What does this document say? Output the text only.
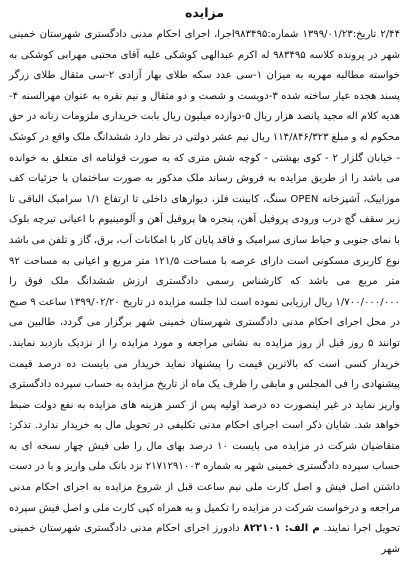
مزایده
۲/۴۴ تاریخ:۱۳۹۹/۰۱/۲۳ شماره:۹۸۳۴۹۵اجرا، اجرای احکام مدنی دادگستری شهرستان خمینی شهر در پرونده کلاسه ۹۸۳۴۹۵ له اکرم عبدالهی کوشکی علیه آقای مجتبی مهرابی کوشکی به خواسته مطالبه مهریه به میزان ۱-سی عدد سکه طلای بهار آزادی ۲-سی مثقال طلای زرگر پسند هجده عیار ساخته شده ۳-دویست و شصت و دو مثقال و نیم نقره به عنوان مهرالسنه ۴-هدیه کلام اله مجید پانصد هزار ریال ۵-دوازده میلیون ریال بابت خریداری ملزومات زنانه در حق محکوم له و مبلغ ۱۱۴/۸۴۶/۳۲۳ ریال نیم عشر دولتی در نظر دارد ششدانگ ملک واقع در کوشک - خیابان گلزار ۲ - کوی بهشتی - کوچه شش متری که به صورت قولنامه ای متعلق به خوانده می باشد را از طریق مزایده به فروش رساند ملک مذکور به صورت ساختمان با جزئیات کف موزاییک، آشپزخانه OPEN سنگ، کابینت فلز، دیوارهای داخلی تا ارتفاع ۱/۱ سرامیک الباقی تا زیر سقف گچ درب ورودی پروفیل آهن، پنجره ها پروفیل آهن و آلومینیوم با اعیانی تیرچه بلوک با نمای جنوبی و حیاط سازی سرامیک و فاقد پایان کار با امکانات آب، برق، گاز و تلفن می باشد نوع کاربری مسکونی است دارای عرصه با مساحت ۱۲۱/۵ متر مربع و اعیانی به مساحت ۹۲ متر مربع می باشد که کارشناس رسمی دادگستری ارزش ششدانگ ملک فوق را ۱/۷۰۰/۰۰۰/۰۰۰ ریال ارزیابی نموده است لذا جلسه مزایده در تاریخ ۱۳۹۹/۰۲/۲۰ ساعت ۹ صبح در محل اجرای احکام مدنی دادگستری شهرستان خمینی شهر برگزار می گردد، طالبین می توانند ۵ روز قبل از روز مزایده به نشانی مراجعه و مورد مزایده را از نزدیک بازدید نمایند. خریدار کسی است که بالاترین قیمت را پیشنهاد نماید خریدار می بایست ده درصد قیمت پیشنهادی را فی المجلس و مابقی را ظرف یک ماه از تاریخ مزایده به حساب سپرده دادگستری واریز نماید در غیر اینصورت ده درصد اولیه پس از کسر هزینه های مزایده به نفع دولت ضبط خواهد شد. شایان ذکر است اجرای احکام مدنی تکلیفی در تحویل مال به خریدار ندارد. تذکر: متقاضیان شرکت در مزایده می بایست ۱۰ درصد بهای مال را طی فیش چهار نسخه ای به حساب سپرده دادگستری خمینی شهر به شماره ۲۱۷۱۲۹۱۰۰۳ نزد بانک ملی واریز و با در دست داشتن اصل فیش و اصل کارت ملی نیم ساعت قبل از شروع مزایده به اجرای احکام مدنی مراجعه و درخواست شرکت در مزایده را تکمیل و به همراه کپی کارت ملی و اصل فیش سپرده تحویل اجرا نمایند. م الف: ۸۲۲۱۰۱ دادورز اجرای احکام مدنی دادگستری شهرستان خمینی شهر
